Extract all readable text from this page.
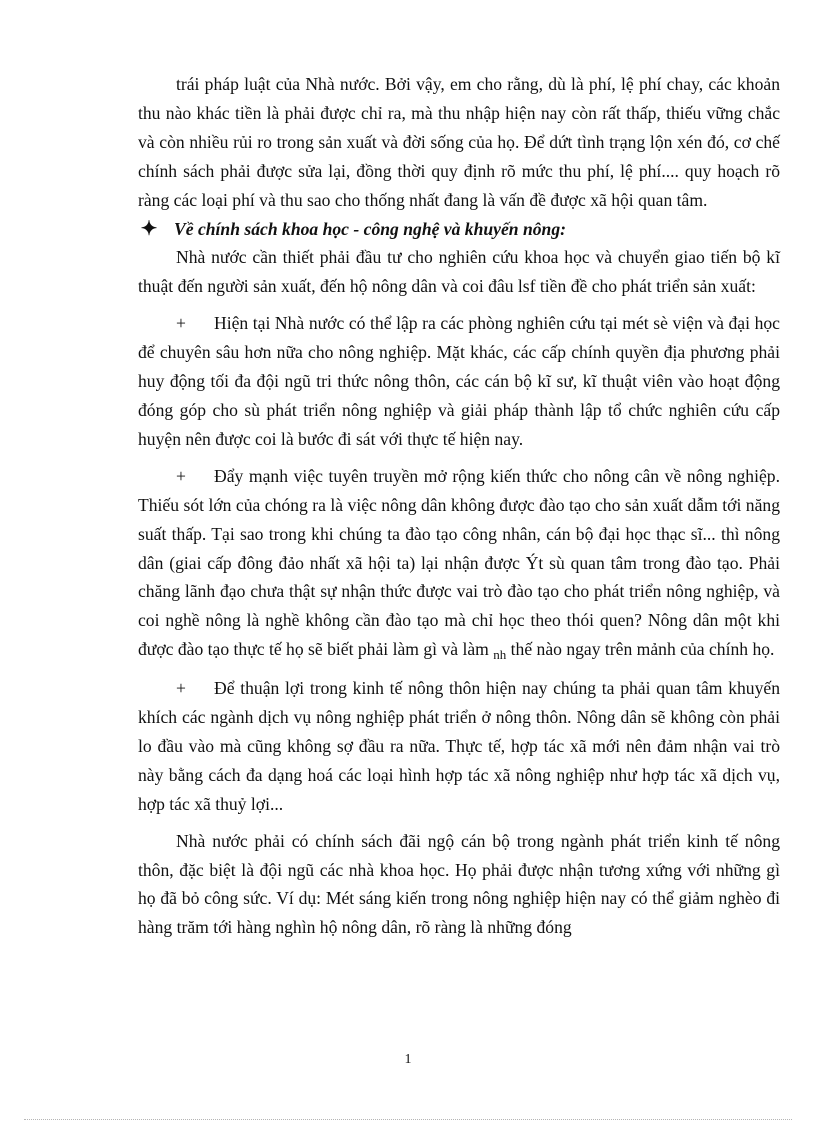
trái pháp luật của Nhà nước. Bởi vậy, em cho rằng, dù là phí, lệ phí chay, các khoản thu nào khác tiền là phải được chỉ ra, mà thu nhập hiện nay còn rất thấp, thiếu vững chắc và còn nhiều rủi ro trong sản xuất và đời sống của họ. Để dứt tình trạng lộn xén đó, cơ chế chính sách phải được sửa lại, đồng thời quy định rõ mức thu phí, lệ phí.... quy hoạch rõ ràng các loại phí và thu sao cho thống nhất đang là vấn đề được xã hội quan tâm.

✦ Về chính sách khoa học - công nghệ và khuyến nông:

Nhà nước cần thiết phải đầu tư cho nghiên cứu khoa học và chuyển giao tiến bộ kĩ thuật đến người sản xuất, đến hộ nông dân và coi đâu lsf tiền đề cho phát triển sản xuất:

+ Hiện tại Nhà nước có thể lập ra các phòng nghiên cứu tại mét sè viện và đại học để chuyên sâu hơn nữa cho nông nghiệp. Mặt khác, các cấp chính quyền địa phương phải huy động tối đa đội ngũ tri thức nông thôn, các cán bộ kĩ sư, kĩ thuật viên vào hoạt động đóng góp cho sù phát triển nông nghiệp và giải pháp thành lập tổ chức nghiên cứu cấp huyện nên được coi là bước đi sát với thực tế hiện nay.

+ Đẩy mạnh việc tuyên truyền mở rộng kiến thức cho nông cân về nông nghiệp. Thiếu sót lớn của chóng ra là việc nông dân không được đào tạo cho sản xuất dẫm tới năng suất thấp. Tại sao trong khi chúng ta đào tạo công nhân, cán bộ đại học thạc sĩ... thì nông dân (giai cấp đông đảo nhất xã hội ta) lại nhận được Ýt sù quan tâm trong đào tạo. Phải chăng lãnh đạo chưa thật sự nhận thức được vai trò đào tạo cho phát triển nông nghiệp, và coi nghề nông là nghề không cần đào tạo mà chỉ học theo thói quen? Nông dân một khi được đào tạo thực tế họ sẽ biết phải làm gì và làm $_{nh}$ thế nào ngay trên mảnh của chính họ.

+ Để thuận lợi trong kinh tế nông thôn hiện nay chúng ta phải quan tâm khuyến khích các ngành dịch vụ nông nghiệp phát triển ở nông thôn. Nông dân sẽ không còn phải lo đầu vào mà cũng không sợ đầu ra nữa. Thực tế, hợp tác xã mới nên đảm nhận vai trò này bằng cách đa dạng hoá các loại hình hợp tác xã nông nghiệp như hợp tác xã dịch vụ, hợp tác xã thuỷ lợi...

Nhà nước phải có chính sách đãi ngộ cán bộ trong ngành phát triển kinh tế nông thôn, đặc biệt là đội ngũ các nhà khoa học. Họ phải được nhận tương xứng với những gì họ đã bỏ công sức. Ví dụ: Mét sáng kiến trong nông nghiệp hiện nay có thể giảm nghèo đi hàng trăm tới hàng nghìn hộ nông dân, rõ ràng là những đóng

1
